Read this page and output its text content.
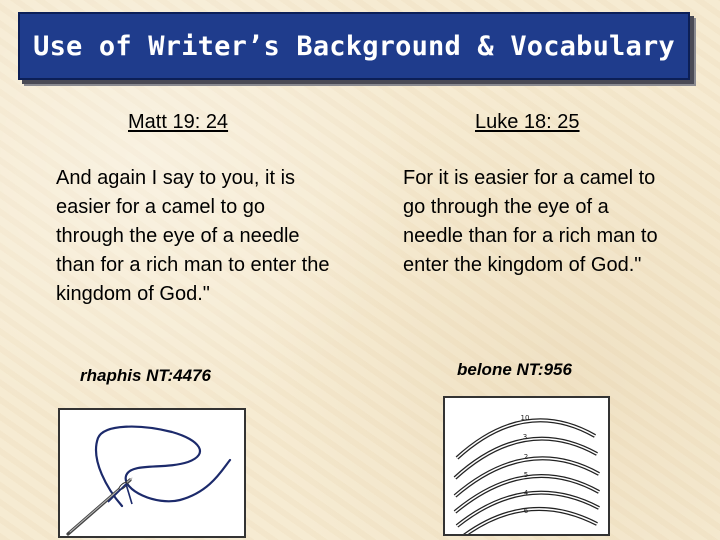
Use of Writer’s Background & Vocabulary
Matt 19: 24	Luke 18: 25
And again I say to you, it is easier for a camel to go through the eye of a needle than for a rich man to enter the kingdom of God."
For it is easier for a camel to go through the eye of a needle than for a rich man to enter the kingdom of God."
rhaphis NT:4476	belone NT:956
10
3
2
5
4
6
